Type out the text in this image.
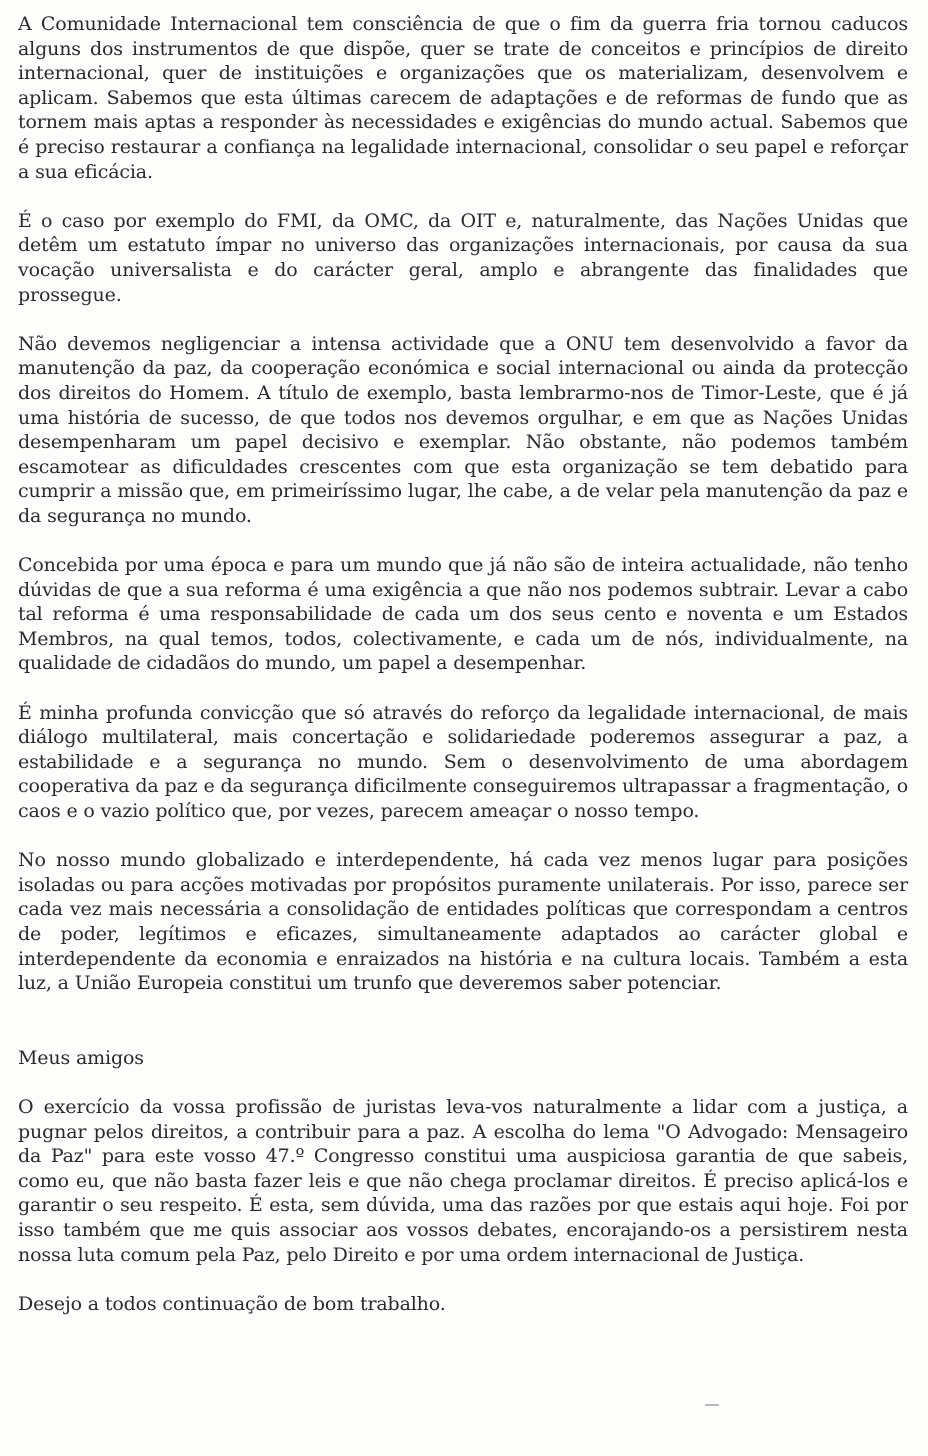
A Comunidade Internacional tem consciência de que o fim da guerra fria tornou caducos alguns dos instrumentos de que dispõe, quer se trate de conceitos e princípios de direito internacional, quer de instituições e organizações que os materializam, desenvolvem e aplicam. Sabemos que esta últimas carecem de adaptações e de reformas de fundo que as tornem mais aptas a responder às necessidades e exigências do mundo actual. Sabemos que é preciso restaurar a confiança na legalidade internacional, consolidar o seu papel e reforçar a sua eficácia.

É o caso por exemplo do FMI, da OMC, da OIT e, naturalmente, das Nações Unidas que detêm um estatuto ímpar no universo das organizações internacionais, por causa da sua vocação universalista e do carácter geral, amplo e abrangente das finalidades que prossegue.

Não devemos negligenciar a intensa actividade que a ONU tem desenvolvido a favor da manutenção da paz, da cooperação económica e social internacional ou ainda da protecção dos direitos do Homem. A título de exemplo, basta lembrarmo-nos de Timor-Leste, que é já uma história de sucesso, de que todos nos devemos orgulhar, e em que as Nações Unidas desempenharam um papel decisivo e exemplar. Não obstante, não podemos também escamotear as dificuldades crescentes com que esta organização se tem debatido para cumprir a missão que, em primeiríssimo lugar, lhe cabe, a de velar pela manutenção da paz e da segurança no mundo.

Concebida por uma época e para um mundo que já não são de inteira actualidade, não tenho dúvidas de que a sua reforma é uma exigência a que não nos podemos subtrair. Levar a cabo tal reforma é uma responsabilidade de cada um dos seus cento e noventa e um Estados Membros, na qual temos, todos, colectivamente, e cada um de nós, individualmente, na qualidade de cidadãos do mundo, um papel a desempenhar.

É minha profunda convicção que só através do reforço da legalidade internacional, de mais diálogo multilateral, mais concertação e solidariedade poderemos assegurar a paz, a estabilidade e a segurança no mundo. Sem o desenvolvimento de uma abordagem cooperativa da paz e da segurança dificilmente conseguiremos ultrapassar a fragmentação, o caos e o vazio político que, por vezes, parecem ameaçar o nosso tempo.

No nosso mundo globalizado e interdependente, há cada vez menos lugar para posições isoladas ou para acções motivadas por propósitos puramente unilaterais. Por isso, parece ser cada vez mais necessária a consolidação de entidades políticas que correspondam a centros de poder, legítimos e eficazes, simultaneamente adaptados ao carácter global e interdependente da economia e enraizados na história e na cultura locais. Também a esta luz, a União Europeia constitui um trunfo que deveremos saber potenciar.

Meus amigos

O exercício da vossa profissão de juristas leva-vos naturalmente a lidar com a justiça, a pugnar pelos direitos, a contribuir para a paz. A escolha do lema "O Advogado: Mensageiro da Paz" para este vosso 47.º Congresso constitui uma auspiciosa garantia de que sabeis, como eu, que não basta fazer leis e que não chega proclamar direitos. É preciso aplicá-los e garantir o seu respeito. É esta, sem dúvida, uma das razões por que estais aqui hoje. Foi por isso também que me quis associar aos vossos debates, encorajando-os a persistirem nesta nossa luta comum pela Paz, pelo Direito e por uma ordem internacional de Justiça.

Desejo a todos continuação de bom trabalho.
